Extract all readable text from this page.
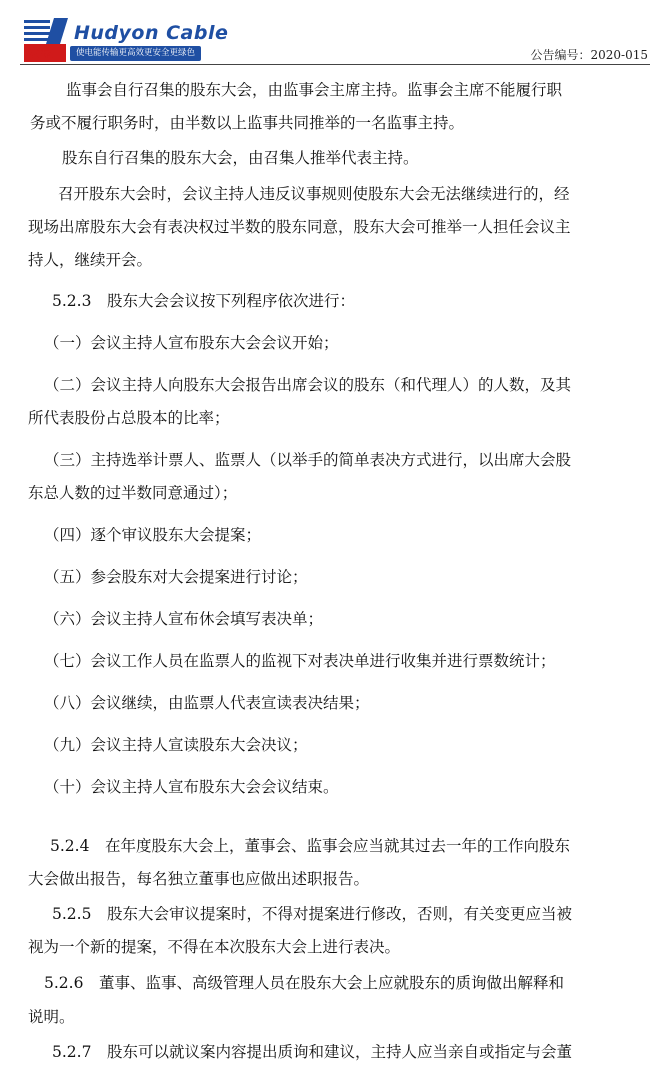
安徽
Hudyon Cable
使电能传输更高效更安全更绿色	公告编号：2020-015

监事会自行召集的股东大会，由监事会主席主持。监事会主席不能履行职

务或不履行职务时，由半数以上监事共同推举的一名监事主持。

股东自行召集的股东大会，由召集人推举代表主持。

召开股东大会时，会议主持人违反议事规则使股东大会无法继续进行的，经

现场出席股东大会有表决权过半数的股东同意，股东大会可推举一人担任会议主

持人，继续开会。

5.2.3　股东大会会议按下列程序依次进行：

（一）会议主持人宣布股东大会会议开始；

（二）会议主持人向股东大会报告出席会议的股东（和代理人）的人数，及其

所代表股份占总股本的比率；

（三）主持选举计票人、监票人（以举手的简单表决方式进行，以出席大会股

东总人数的过半数同意通过）；

（四）逐个审议股东大会提案；

（五）参会股东对大会提案进行讨论；

（六）会议主持人宣布休会填写表决单；

（七）会议工作人员在监票人的监视下对表决单进行收集并进行票数统计；

（八）会议继续，由监票人代表宣读表决结果；

（九）会议主持人宣读股东大会决议；

（十）会议主持人宣布股东大会会议结束。

5.2.4　在年度股东大会上，董事会、监事会应当就其过去一年的工作向股东

大会做出报告，每名独立董事也应做出述职报告。

5.2.5　股东大会审议提案时，不得对提案进行修改，否则，有关变更应当被

视为一个新的提案，不得在本次股东大会上进行表决。

5.2.6　董事、监事、高级管理人员在股东大会上应就股东的质询做出解释和

说明。

5.2.7　股东可以就议案内容提出质询和建议，主持人应当亲自或指定与会董
